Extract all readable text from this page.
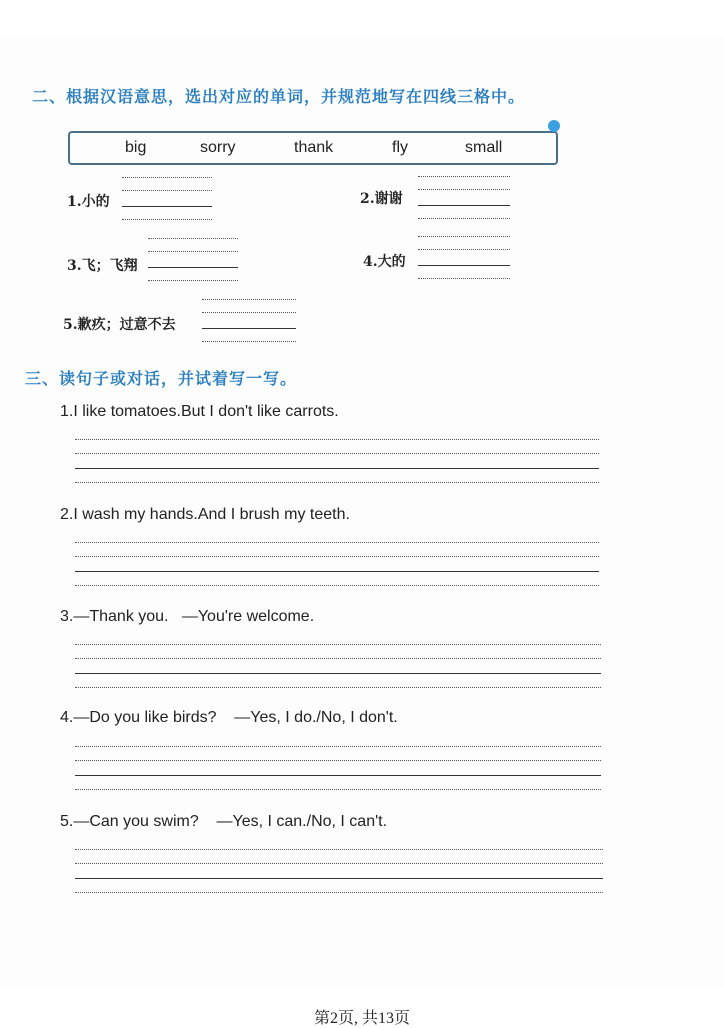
二、根据汉语意思，选出对应的单词，并规范地写在四线三格中。
big	sorry	thank	fly	small
1.小的	2.谢谢
3.飞；飞翔	4.大的
5.歉疚；过意不去
三、读句子或对话，并试着写一写。
1.I like tomatoes.But I don't like carrots.
2.I wash my hands.And I brush my teeth.
3.—Thank you.   —You're welcome.
4.—Do you like birds?    —Yes, I do./No, I don't.
5.—Can you swim?    —Yes, I can./No, I can't.
第2页, 共13页
